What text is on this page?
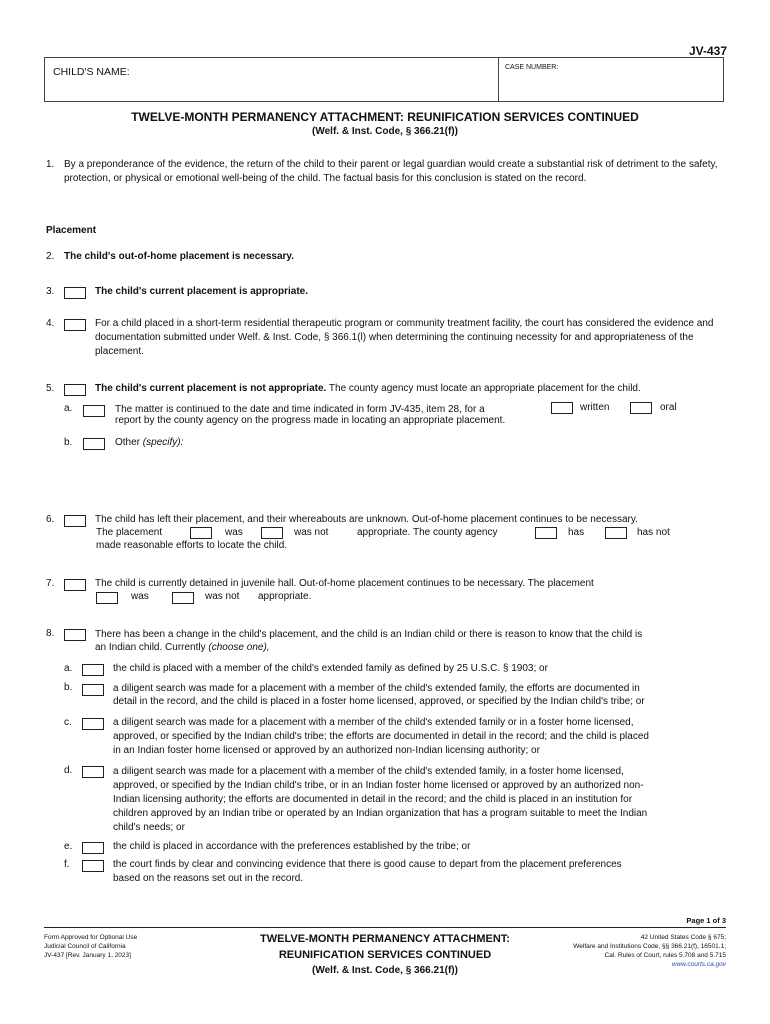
JV-437
CHILD'S NAME:	CASE NUMBER:
TWELVE-MONTH PERMANENCY ATTACHMENT: REUNIFICATION SERVICES CONTINUED
(Welf. & Inst. Code, § 366.21(f))
1. By a preponderance of the evidence, the return of the child to their parent or legal guardian would create a substantial risk of detriment to the safety, protection, or physical or emotional well-being of the child. The factual basis for this conclusion is stated on the record.
Placement
2. The child's out-of-home placement is necessary.
3.	The child's current placement is appropriate.
4.	For a child placed in a short-term residential therapeutic program or community treatment facility, the court has considered the evidence and documentation submitted under Welf. & Inst. Code, § 366.1(l) when determining the continuing necessity for and appropriateness of the placement.
5.	The child's current placement is not appropriate. The county agency must locate an appropriate placement for the child.
a.	The matter is continued to the date and time indicated in form JV-435, item 28, for a	written	oral
report by the county agency on the progress made in locating an appropriate placement.
b.	Other (specify):
6.	The child has left their placement, and their whereabouts are unknown. Out-of-home placement continues to be necessary.
The placement	was	was not	appropriate. The county agency	has	has not
made reasonable efforts to locate the child.
7.	The child is currently detained in juvenile hall. Out-of-home placement continues to be necessary. The placement
was	was not appropriate.
8.	There has been a change in the child's placement, and the child is an Indian child or there is reason to know that the child is
an Indian child. Currently (choose one),
a.	the child is placed with a member of the child's extended family as defined by 25 U.S.C. § 1903; or
b.	a diligent search was made for a placement with a member of the child's extended family, the efforts are documented in
detail in the record, and the child is placed in a foster home licensed, approved, or specified by the Indian child's tribe; or
c.	a diligent search was made for a placement with a member of the child's extended family or in a foster home licensed,
approved, or specified by the Indian child's tribe; the efforts are documented in detail in the record; and the child is placed
in an Indian foster home licensed or approved by an authorized non-Indian licensing authority; or
d.	a diligent search was made for a placement with a member of the child's extended family, in a foster home licensed,
approved, or specified by the Indian child's tribe, or in an Indian foster home licensed or approved by an authorized non-
Indian licensing authority; the efforts are documented in detail in the record; and the child is placed in an institution for
children approved by an Indian tribe or operated by an Indian organization that has a program suitable to meet the Indian
child's needs; or
e.	the child is placed in accordance with the preferences established by the tribe; or
f.	the court finds by clear and convincing evidence that there is good cause to depart from the placement preferences
based on the reasons set out in the record.
Page 1 of 3
Form Approved for Optional Use
Judicial Council of California
JV-437 [Rev. January 1, 2023]
TWELVE-MONTH PERMANENCY ATTACHMENT:
REUNIFICATION SERVICES CONTINUED
(Welf. & Inst. Code, § 366.21(f))
42 United States Code § 675;
Welfare and Institutions Code, §§ 366.21(f), 16501.1;
Cal. Rules of Court, rules 5.708 and 5.715
www.courts.ca.gov
